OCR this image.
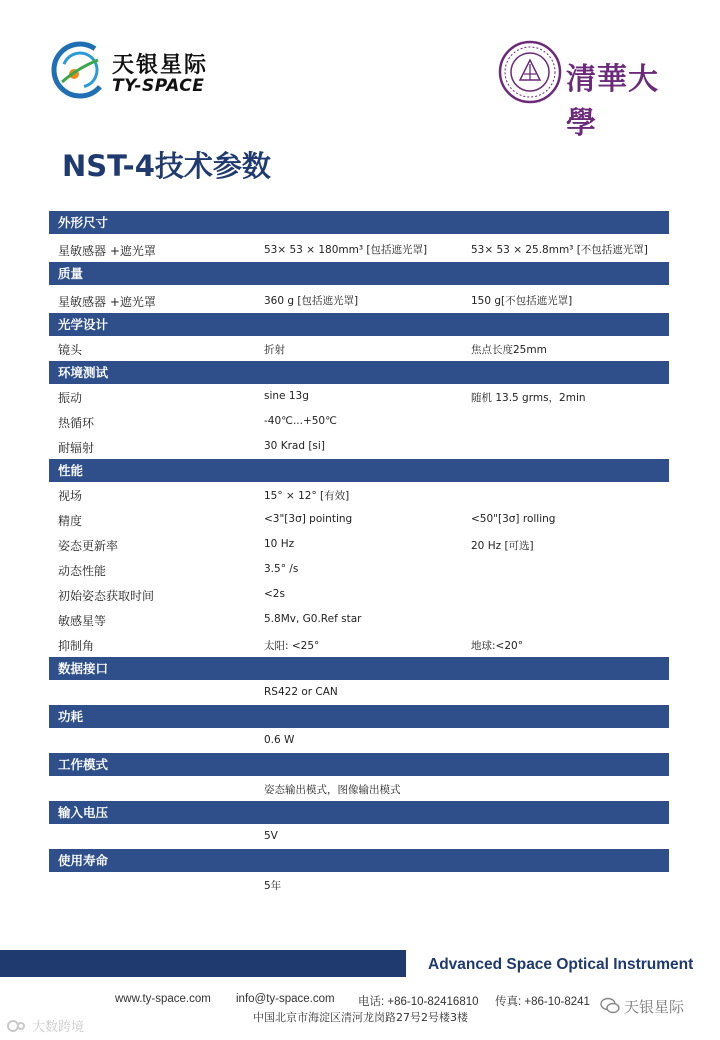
天银星际
TY-SPACE	清華大學
NST-4技术参数
外形尺寸
星敏感器 +遮光罩	53× 53 × 180mm³ [包括遮光罩]	53× 53 × 25.8mm³ [不包括遮光罩]
质量
星敏感器 +遮光罩	360 g [包括遮光罩]	150 g[不包括遮光罩]
光学设计
镜头	折射	焦点长度25mm
环境测试
振动	sine 13g	随机 13.5 grms，2min
热循环	-40℃...+50℃
耐辐射	30 Krad [si]
性能
视场	15° × 12° [有效]
精度	<3"[3σ] pointing	<50"[3σ] rolling
姿态更新率	10 Hz	20 Hz [可选]
动态性能	3.5° /s
初始姿态获取时间	<2s
敏感星等	5.8Mv, G0.Ref star
抑制角	太阳: <25°	地球:<20°
数据接口
RS422 or CAN
功耗
0.6 W
工作模式
姿态输出模式，图像输出模式
输入电压
5V
使用寿命
5年
Advanced Space Optical Instrument
www.ty-space.com info@ty-space.com 电话: +86-10-82416810 传真: +86-10-8241
中国北京市海淀区清河龙岗路27号2号楼3楼
大数跨境
天银星际
